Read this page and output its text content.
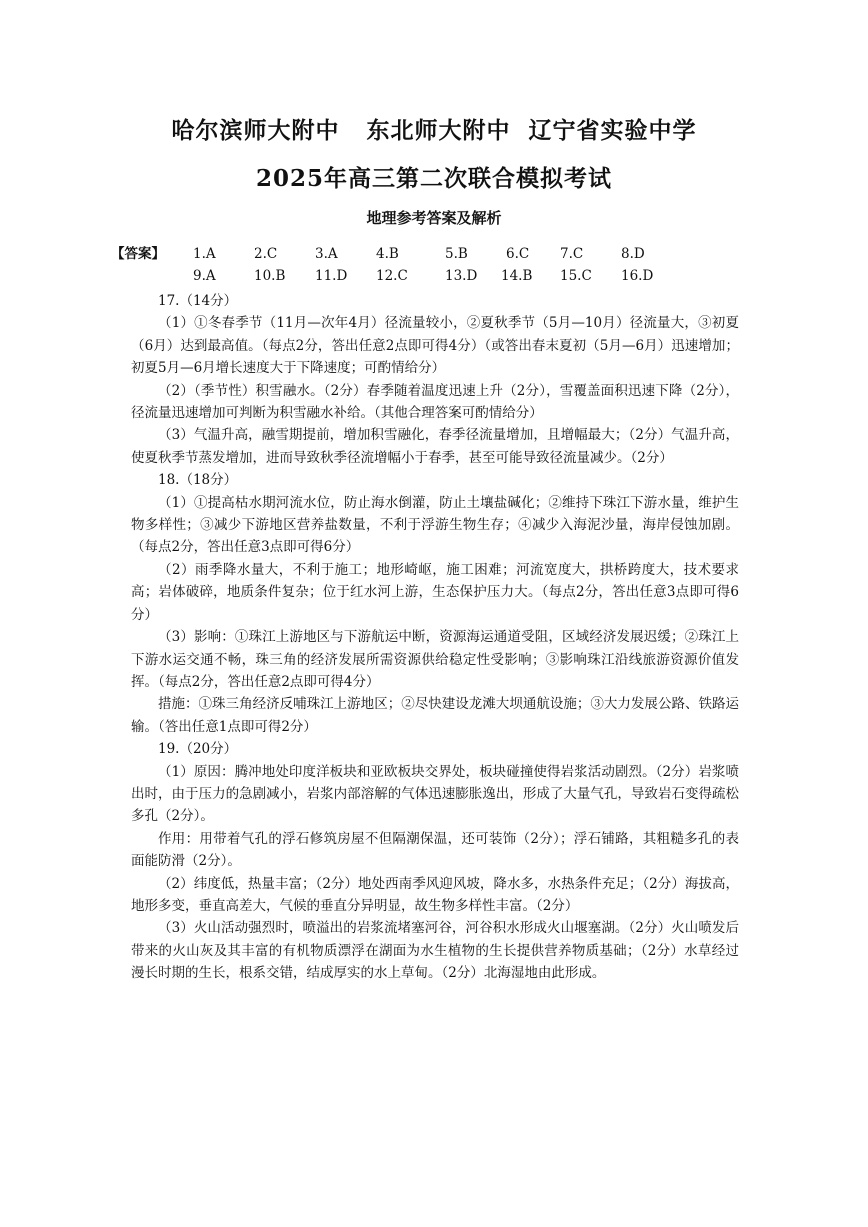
哈尔滨师大附中   东北师大附中  辽宁省实验中学
2025年高三第二次联合模拟考试
地理参考答案及解析
【答案】 1.A	2.C	3.A	4.B	5.B	6.C 7.C	8.D
9.A	10.B 11.D 12.C	13.D 14.B 15.C 16.D

17.（14分）

（1）①冬春季节（11月—次年4月）径流量较小，②夏秋季节（5月—10月）径流量大，③初夏（6月）达到最高值。（每点2分，答出任意2点即可得4分）（或答出春末夏初（5月—6月）迅速增加；初夏5月—6月增长速度大于下降速度；可酌情给分）

（2）（季节性）积雪融水。（2分）春季随着温度迅速上升（2分），雪覆盖面积迅速下降（2分），径流量迅速增加可判断为积雪融水补给。（其他合理答案可酌情给分）

（3）气温升高，融雪期提前，增加积雪融化，春季径流量增加，且增幅最大；（2分）气温升高，使夏秋季节蒸发增加，进而导致秋季径流增幅小于春季，甚至可能导致径流量减少。（2分）

18.（18分）

（1）①提高枯水期河流水位，防止海水倒灌，防止土壤盐碱化；②维持下珠江下游水量，维护生物多样性；③减少下游地区营养盐数量，不利于浮游生物生存；④减少入海泥沙量，海岸侵蚀加剧。（每点2分，答出任意3点即可得6分）

（2）雨季降水量大，不利于施工；地形崎岖，施工困难；河流宽度大，拱桥跨度大，技术要求高；岩体破碎，地质条件复杂；位于红水河上游，生态保护压力大。（每点2分，答出任意3点即可得6分）

（3）影响：①珠江上游地区与下游航运中断，资源海运通道受阻，区域经济发展迟缓；②珠江上下游水运交通不畅，珠三角的经济发展所需资源供给稳定性受影响；③影响珠江沿线旅游资源价值发挥。（每点2分，答出任意2点即可得4分）

措施：①珠三角经济反哺珠江上游地区；②尽快建设龙滩大坝通航设施；③大力发展公路、铁路运输。（答出任意1点即可得2分）

19.（20分）

（1）原因：腾冲地处印度洋板块和亚欧板块交界处，板块碰撞使得岩浆活动剧烈。（2分）岩浆喷出时，由于压力的急剧减小，岩浆内部溶解的气体迅速膨胀逸出，形成了大量气孔，导致岩石变得疏松多孔（2分）。

作用：用带着气孔的浮石修筑房屋不但隔潮保温，还可装饰（2分）；浮石铺路，其粗糙多孔的表面能防滑（2分）。

（2）纬度低，热量丰富；（2分）地处西南季风迎风坡，降水多，水热条件充足；（2分）海拔高，地形多变，垂直高差大，气候的垂直分异明显，故生物多样性丰富。（2分）

（3）火山活动强烈时，喷溢出的岩浆流堵塞河谷，河谷积水形成火山堰塞湖。（2分）火山喷发后带来的火山灰及其丰富的有机物质漂浮在湖面为水生植物的生长提供营养物质基础；（2分）水草经过漫长时期的生长，根系交错，结成厚实的水上草甸。（2分）北海湿地由此形成。
